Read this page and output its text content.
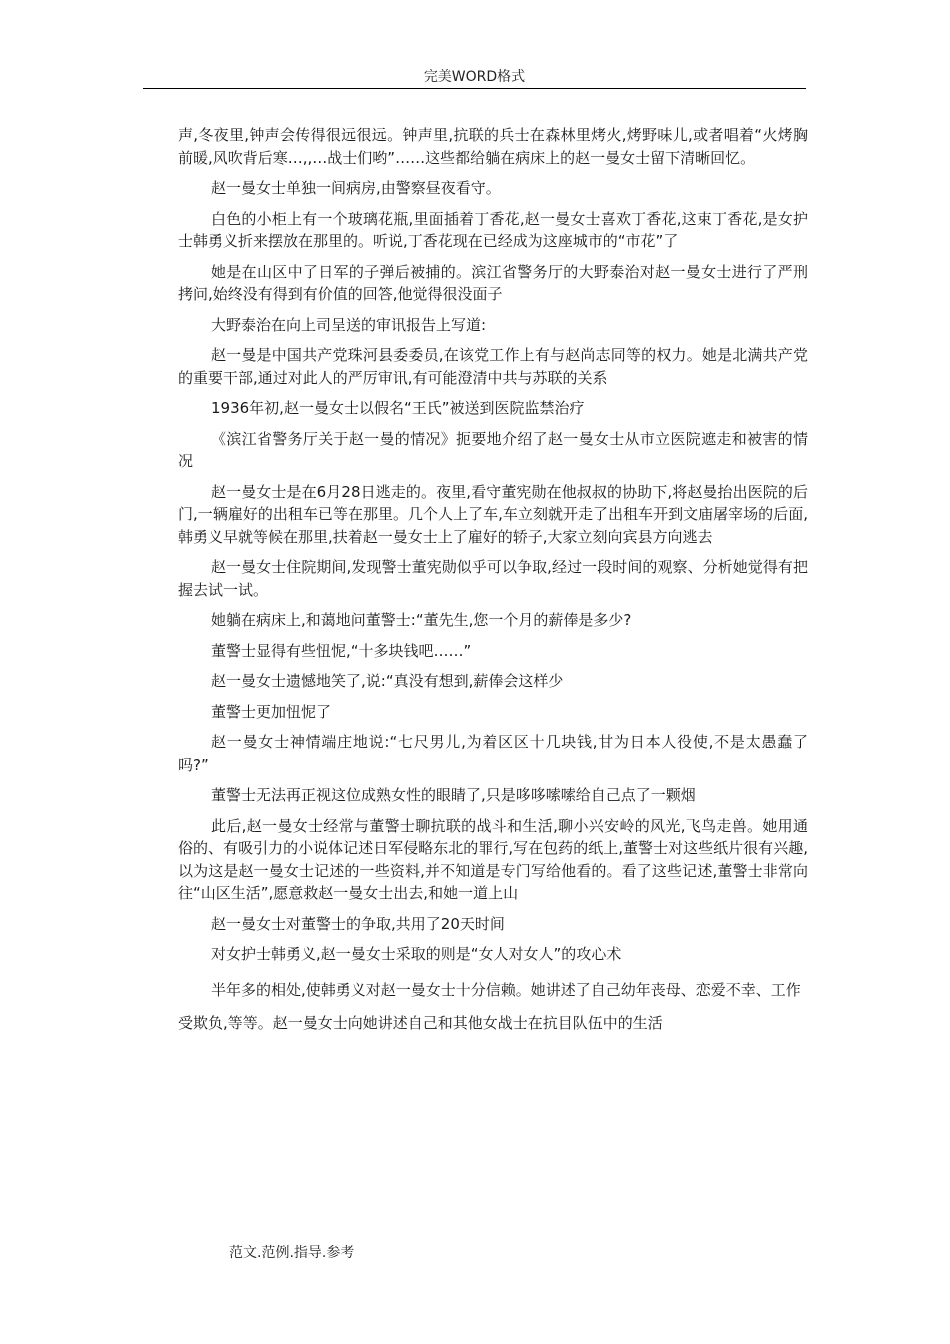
完美WORD格式

声,冬夜里,钟声会传得很远很远。钟声里,抗联的兵士在森林里烤火,烤野味儿,或者唱着“火烤胸前暖,风吹背后寒…,,…战士们哟”……这些都给躺在病床上的赵一曼女士留下清晰回忆。

赵一曼女士单独一间病房,由警察昼夜看守。

白色的小柜上有一个玻璃花瓶,里面插着丁香花,赵一曼女士喜欢丁香花,这束丁香花,是女护士韩勇义折来摆放在那里的。听说,丁香花现在已经成为这座城市的“市花”了

她是在山区中了日军的子弹后被捕的。滨江省警务厅的大野泰治对赵一曼女士进行了严刑拷问,始终没有得到有价值的回答,他觉得很没面子

大野泰治在向上司呈送的审讯报告上写道:

赵一曼是中国共产党珠河县委委员,在该党工作上有与赵尚志同等的权力。她是北满共产党的重要干部,通过对此人的严厉审讯,有可能澄清中共与苏联的关系

1936年初,赵一曼女士以假名“王氏”被送到医院监禁治疗

《滨江省警务厅关于赵一曼的情况》扼要地介绍了赵一曼女士从市立医院遮走和被害的情况

赵一曼女士是在6月28日逃走的。夜里,看守董宪勋在他叔叔的协助下,将赵曼抬出医院的后门,一辆雇好的出租车已等在那里。几个人上了车,车立刻就开走了出租车开到文庙屠宰场的后面,韩勇义早就等候在那里,扶着赵一曼女士上了雇好的轿子,大家立刻向宾县方向逃去

赵一曼女士住院期间,发现警士董宪勋似乎可以争取,经过一段时间的观察、分析她觉得有把握去试一试。

她躺在病床上,和蔼地问董警士:“董先生,您一个月的薪俸是多少?

董警士显得有些忸怩,“十多块钱吧……”

赵一曼女士遗憾地笑了,说:“真没有想到,薪俸会这样少

董警士更加忸怩了

赵一曼女士神情端庄地说:“七尺男儿,为着区区十几块钱,甘为日本人役使,不是太愚蠢了吗?”

董警士无法再正视这位成熟女性的眼睛了,只是哆哆嗦嗦给自己点了一颗烟

此后,赵一曼女士经常与董警士聊抗联的战斗和生活,聊小兴安岭的风光,飞鸟走兽。她用通俗的、有吸引力的小说体记述日军侵略东北的罪行,写在包药的纸上,董警士对这些纸片很有兴趣,以为这是赵一曼女士记述的一些资料,并不知道是专门写给他看的。看了这些记述,董警士非常向往“山区生活”,愿意救赵一曼女士出去,和她一道上山

赵一曼女士对董警士的争取,共用了20天时间

对女护士韩勇义,赵一曼女士采取的则是“女人对女人”的攻心术

半年多的相处,使韩勇义对赵一曼女士十分信赖。她讲述了自己幼年丧母、恋爱不幸、工作受欺负,等等。赵一曼女士向她讲述自己和其他女战士在抗目队伍中的生活

范文.范例.指导.参考
